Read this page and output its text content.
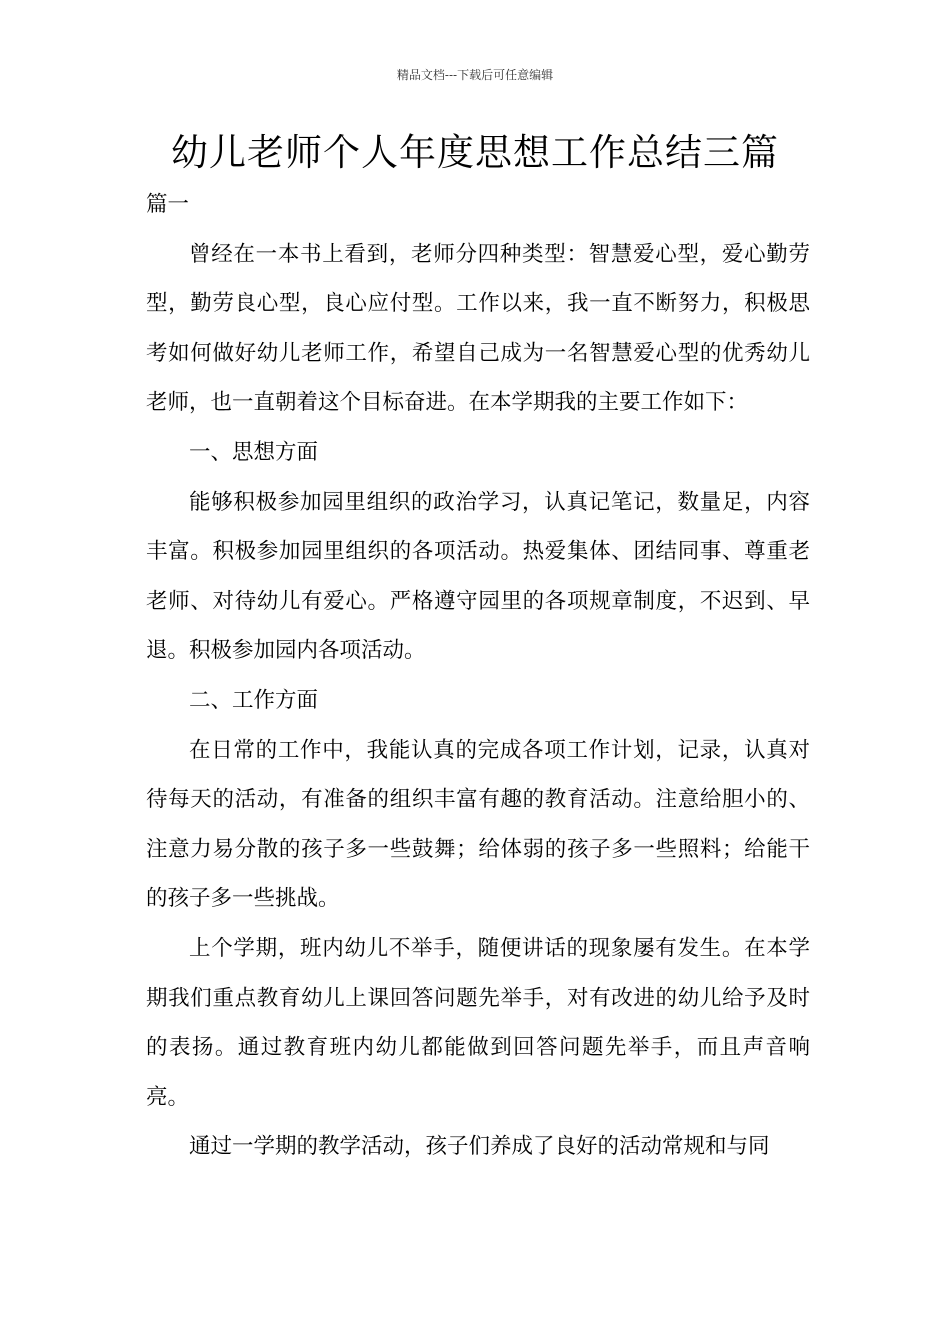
精品文档---下载后可任意编辑
幼儿老师个人年度思想工作总结三篇

篇一

曾经在一本书上看到，老师分四种类型：智慧爱心型，爱心勤劳型，勤劳良心型，良心应付型。工作以来，我一直不断努力，积极思考如何做好幼儿老师工作，希望自己成为一名智慧爱心型的优秀幼儿老师，也一直朝着这个目标奋进。在本学期我的主要工作如下：

一、思想方面

能够积极参加园里组织的政治学习，认真记笔记，数量足，内容丰富。积极参加园里组织的各项活动。热爱集体、团结同事、尊重老老师、对待幼儿有爱心。严格遵守园里的各项规章制度，不迟到、早退。积极参加园内各项活动。

二、工作方面

在日常的工作中，我能认真的完成各项工作计划，记录，认真对待每天的活动，有准备的组织丰富有趣的教育活动。注意给胆小的、注意力易分散的孩子多一些鼓舞；给体弱的孩子多一些照料；给能干的孩子多一些挑战。

上个学期，班内幼儿不举手，随便讲话的现象屡有发生。在本学期我们重点教育幼儿上课回答问题先举手，对有改进的幼儿给予及时的表扬。通过教育班内幼儿都能做到回答问题先举手，而且声音响亮。

通过一学期的教学活动，孩子们养成了良好的活动常规和与同
